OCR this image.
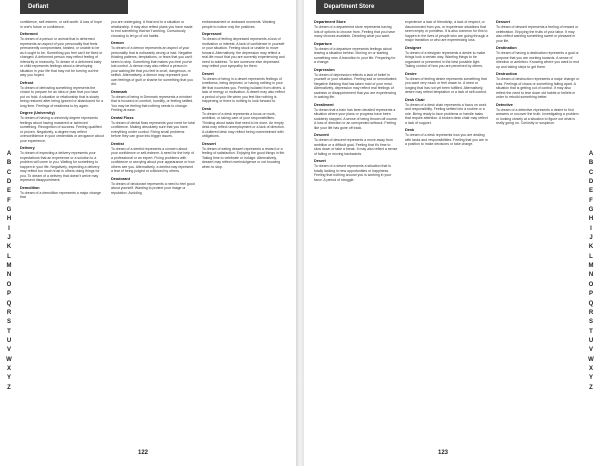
Defiant
A
B
C
D
E
F
G
H
I
J
K
L
M
N
O
P
Q
R
S
T
U
V
W
X
Y
Z
confidence, self-esteem, or self-worth. A loss of hope in one's future or confidence.
Deformed
To dream of a person or animal that is deformed represents an aspect of your personality that feels permanently compromised, twisted, or unable to be as it ought to be. Something you feel can't be fixed or changed. A deformed person may reflect feeling of inferiority or insecurity. To dream of a deformed baby or child represents feelings about a developing situation in your life that may not be turning out the way you hoped.
Defrost
To dream of defrosting something represents the choice to prepare for an idea or plan that you have put on hold. A situation or relationship that is slowly being restored after being ignored or abandoned for a long time. Feelings of readiness to try again.
Degree (University)
To dream of having a university degree represents feelings about having mastered or achieved something. Recognition of success. Feeling qualified or proven. Negatively, a degree may reflect overconfidence in your credentials or arrogance about your experience.
Delivery
To dream of expecting a delivery represents your expectations that an experience or a solution to a problem will come to you. Waiting for something to happen in your life. Negatively, expecting a delivery may reflect too much trust in others doing things for you. To dream of a delivery that doesn't arrive may represent disappointment.
Demolition
To dream of a demolition represents a major change that
you are undergoing. A final end to a situation or relationship. It may also reflect plans you have made to end something that isn't working. Consciously choosing to let go of old habits.
Demon
To dream of a demon represents an aspect of your personality that is noticeably wrong or bad. Negative thinking patterns, temptations, or fears that you can't seem to stop. Something that makes you feel you've lost control. A demon may also reflect a person in your waking life that you feel is cruel, dangerous, or selfish. Alternatively, a demon may represent your own feelings of guilt or shame for something that you did.
Denmark
To dream of being in Denmark represents a mindset that is focused on comfort, humility, or feeling settled. You may be feeling that nothing needs to change. Feeling at ease.
Dental Floss
To dream of dental floss represents your need for total confidence. Making absolutely sure that you have everything under control. Fixing small problems before they can grow into bigger issues.
Dentist
To dream of a dentist represents a concern about your confidence or self-esteem. A need for the help of a professional or an expert. Fixing problems with confidence or worrying about your appearance or how others see you. Alternatively, a dentist may represent a fear of being judged or criticized by others.
Deodorant
To dream of deodorant represents a need to feel good about yourself. Wanting to protect your image or reputation. Avoiding
embarrassment or awkward moments. Wanting people to notice only the positives.
Depressed
To dream of feeling depressed represents a loss of motivation or interest. A lack of confidence in yourself or your situation. Feeling stuck or unable to move forward. Alternatively, the depression may reflect a real-life mood that you are currently experiencing and need to address. To see someone else depressed may reflect your sympathy for them.
Desert
To dream of being in a desert represents feelings of loneliness, being deprived, or having nothing in your life that nourishes you. Feeling isolated from others. A lack of energy or motivation. A desert may also reflect a period of your life when you feel like nothing is happening or there is nothing to look forward to.
Desk
To dream of a desk represents a focus on work, ambition, or taking care of your responsibilities. Thinking about tasks that need to be done. An empty desk may reflect unemployment or a lack of direction. A cluttered desk may reflect being overwhelmed with obligations.
Dessert
To dream of eating dessert represents a reward or a feeling of satisfaction. Enjoying the good things in life. Taking time to celebrate or indulge. Alternatively, dessert may reflect overindulgence or not knowing when to stop.
122
Department Store
A
B
C
D
E
F
G
H
I
J
K
L
M
N
O
P
Q
R
S
T
U
V
W
X
Y
Z
Department Store
To dream of a department store represents having lots of options to choose from. Feeling that you have many choices available. Deciding what you want.
Departure
To dream of a departure represents feelings about leaving a situation behind. Moving on or starting something new. A transition in your life. Preparing for a change.
Depression
To dream of depression reflects a lack of belief in yourself or your situation. Feeling sad or unmotivated. Negative thinking that has taken hold of your mind. Alternatively, depression may reflect real feelings of sadness or disappointment that you are experiencing in waking life.
Derailment
To dream that a train has been derailed represents a situation where your plans or progress have been suddenly stopped. A sense of being thrown off course. A loss of direction or an unexpected setback. Feeling like your life has gone off track.
Descent
To dream of descent represents a move away from ambition or a difficult goal. Feeling that it's time to slow down or take a break. It may also reflect a sense of failing or moving backwards.
Desert
To dream of a desert represents a situation that is totally lacking in new opportunities or happiness. Feeling that nothing around you is working in your favor. A period of struggle.
experience a lack of friendship, a lack of respect, or disconnected from you, or experience situations that seem empty or pointless. It is also common for this to happen in the lives of people who are going through a major transition or who are experiencing loss.
Designer
To dream of a designer represents a desire to make things look a certain way. Wanting things to be organized or presented in the best possible light. Taking control of how you are perceived by others.
Desire
To dream of feeling desire represents something that you want very much or feel drawn to. A need or longing that has not yet been fulfilled. Alternatively, desire may reflect temptation or a lack of self-control.
Desk Chair
To dream of a desk chair represents a focus on work and responsibility. Feeling settled into a routine or a role. Being ready to face problems or handle tasks that require attention. A broken desk chair may reflect a lack of support.
Desk
To dream of a desk represents how you are dealing with tasks and responsibilities. Feeling that you are in a position to make decisions or take charge.
Dessert
To dream of dessert represents a feeling of reward or celebration. Enjoying the fruits of your labor. It may also reflect wanting something sweet or pleasant in your life.
Destination
To dream of having a destination represents a goal or purpose that you are working towards. A sense of direction or ambition. Knowing where you want to end up and taking steps to get there.
Destruction
To dream of destruction represents a major change or loss. Feelings of chaos or something falling apart. A situation that is getting out of control. It may also reflect the need to tear down old habits or beliefs in order to rebuild something better.
Detective
To dream of a detective represents a desire to find answers or uncover the truth. Investigating a problem or looking closely at a situation to figure out what is really going on. Curiosity or suspicion.
123
